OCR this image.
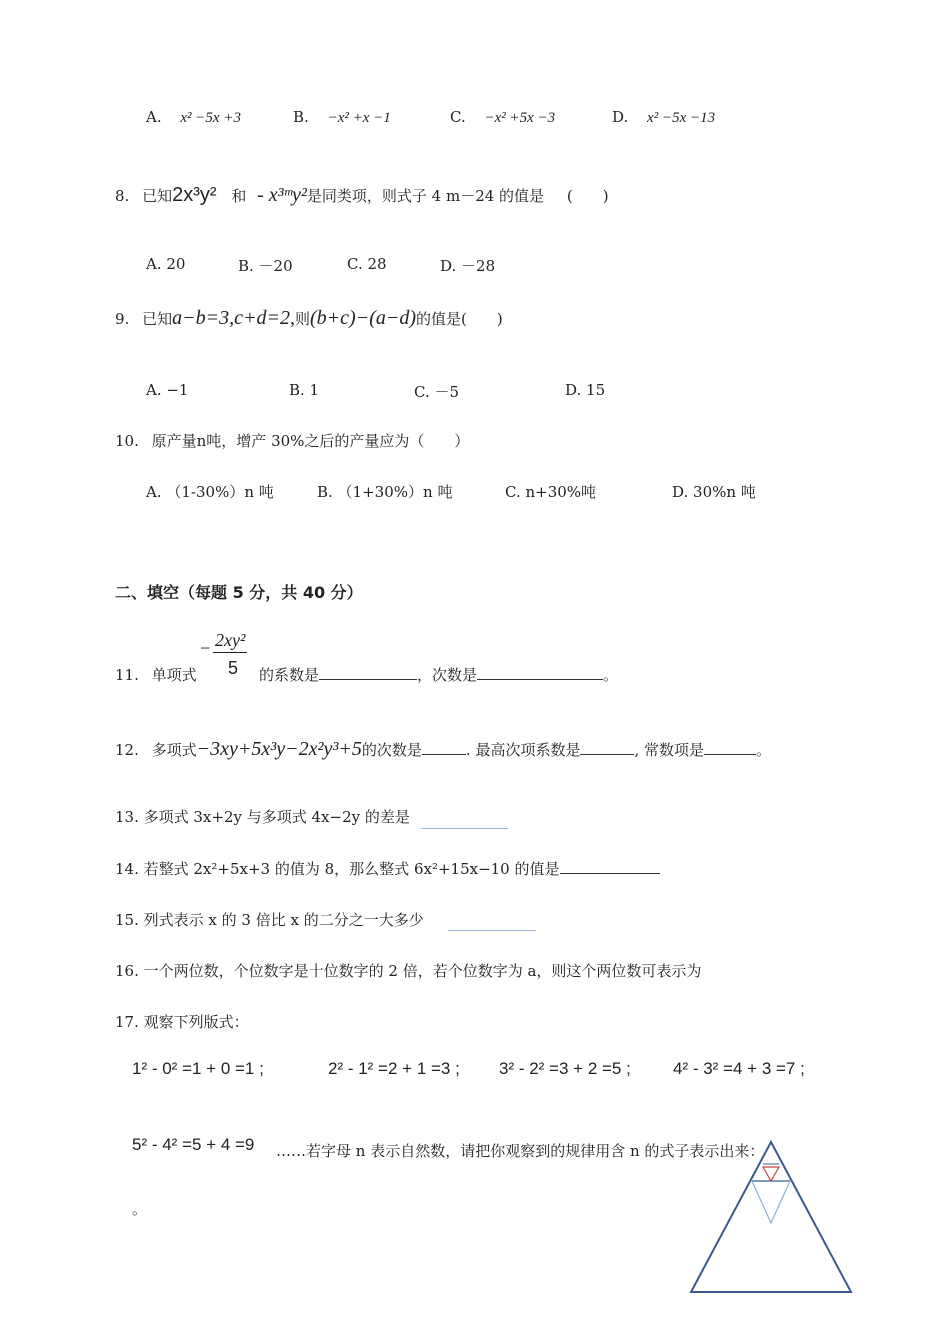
A. x² −5x +3	B. −x² +x −1	C. −x² +5x −3	D. x² −5x −13
8. 已知2x³y² 和 - x³ᵐy²是同类项，则式子 4 m－24 的值是 (　　)
A. 20	B. －20	C. 28	D. －28
9. 已知a−b=3,c+d=2,则(b+c)−(a−d)的值是(　　)
A. −1	B. 1	C. －5	D. 15
10. 原产量n吨，增产 30%之后的产量应为（　　）
A. （1-30%）n 吨	B. （1+30%）n 吨	C. n+30%吨	D. 30%n 吨
二、填空（每题 5 分，共 40 分）
11. 单项式
− 2xy²
5 的系数是	，次数是	。
12. 多项式−3xy+5x³y−2x²y³+5的次数是	. 最高次项系数是	, 常数项是	。
13. 多项式 3x+2y 与多项式 4x−2y 的差是
14. 若整式 2x²+5x+3 的值为 8，那么整式 6x²+15x−10 的值是
15. 列式表示 x 的 3 倍比 x 的二分之一大多少
16. 一个两位数，个位数字是十位数字的 2 倍，若个位数字为 a，则这个两位数可表示为
17. 观察下列版式：
1² - 0² =1 + 0 =1 ;	2² - 1² =2 + 1 =3 ; 3² - 2² =3 + 2 =5 ; 4² - 3² =4 + 3 =7 ;
5² - 4² =5 + 4 =9 ……若字母 n 表示自然数，请把你观察到的规律用含 n 的式子表示出来：
。
